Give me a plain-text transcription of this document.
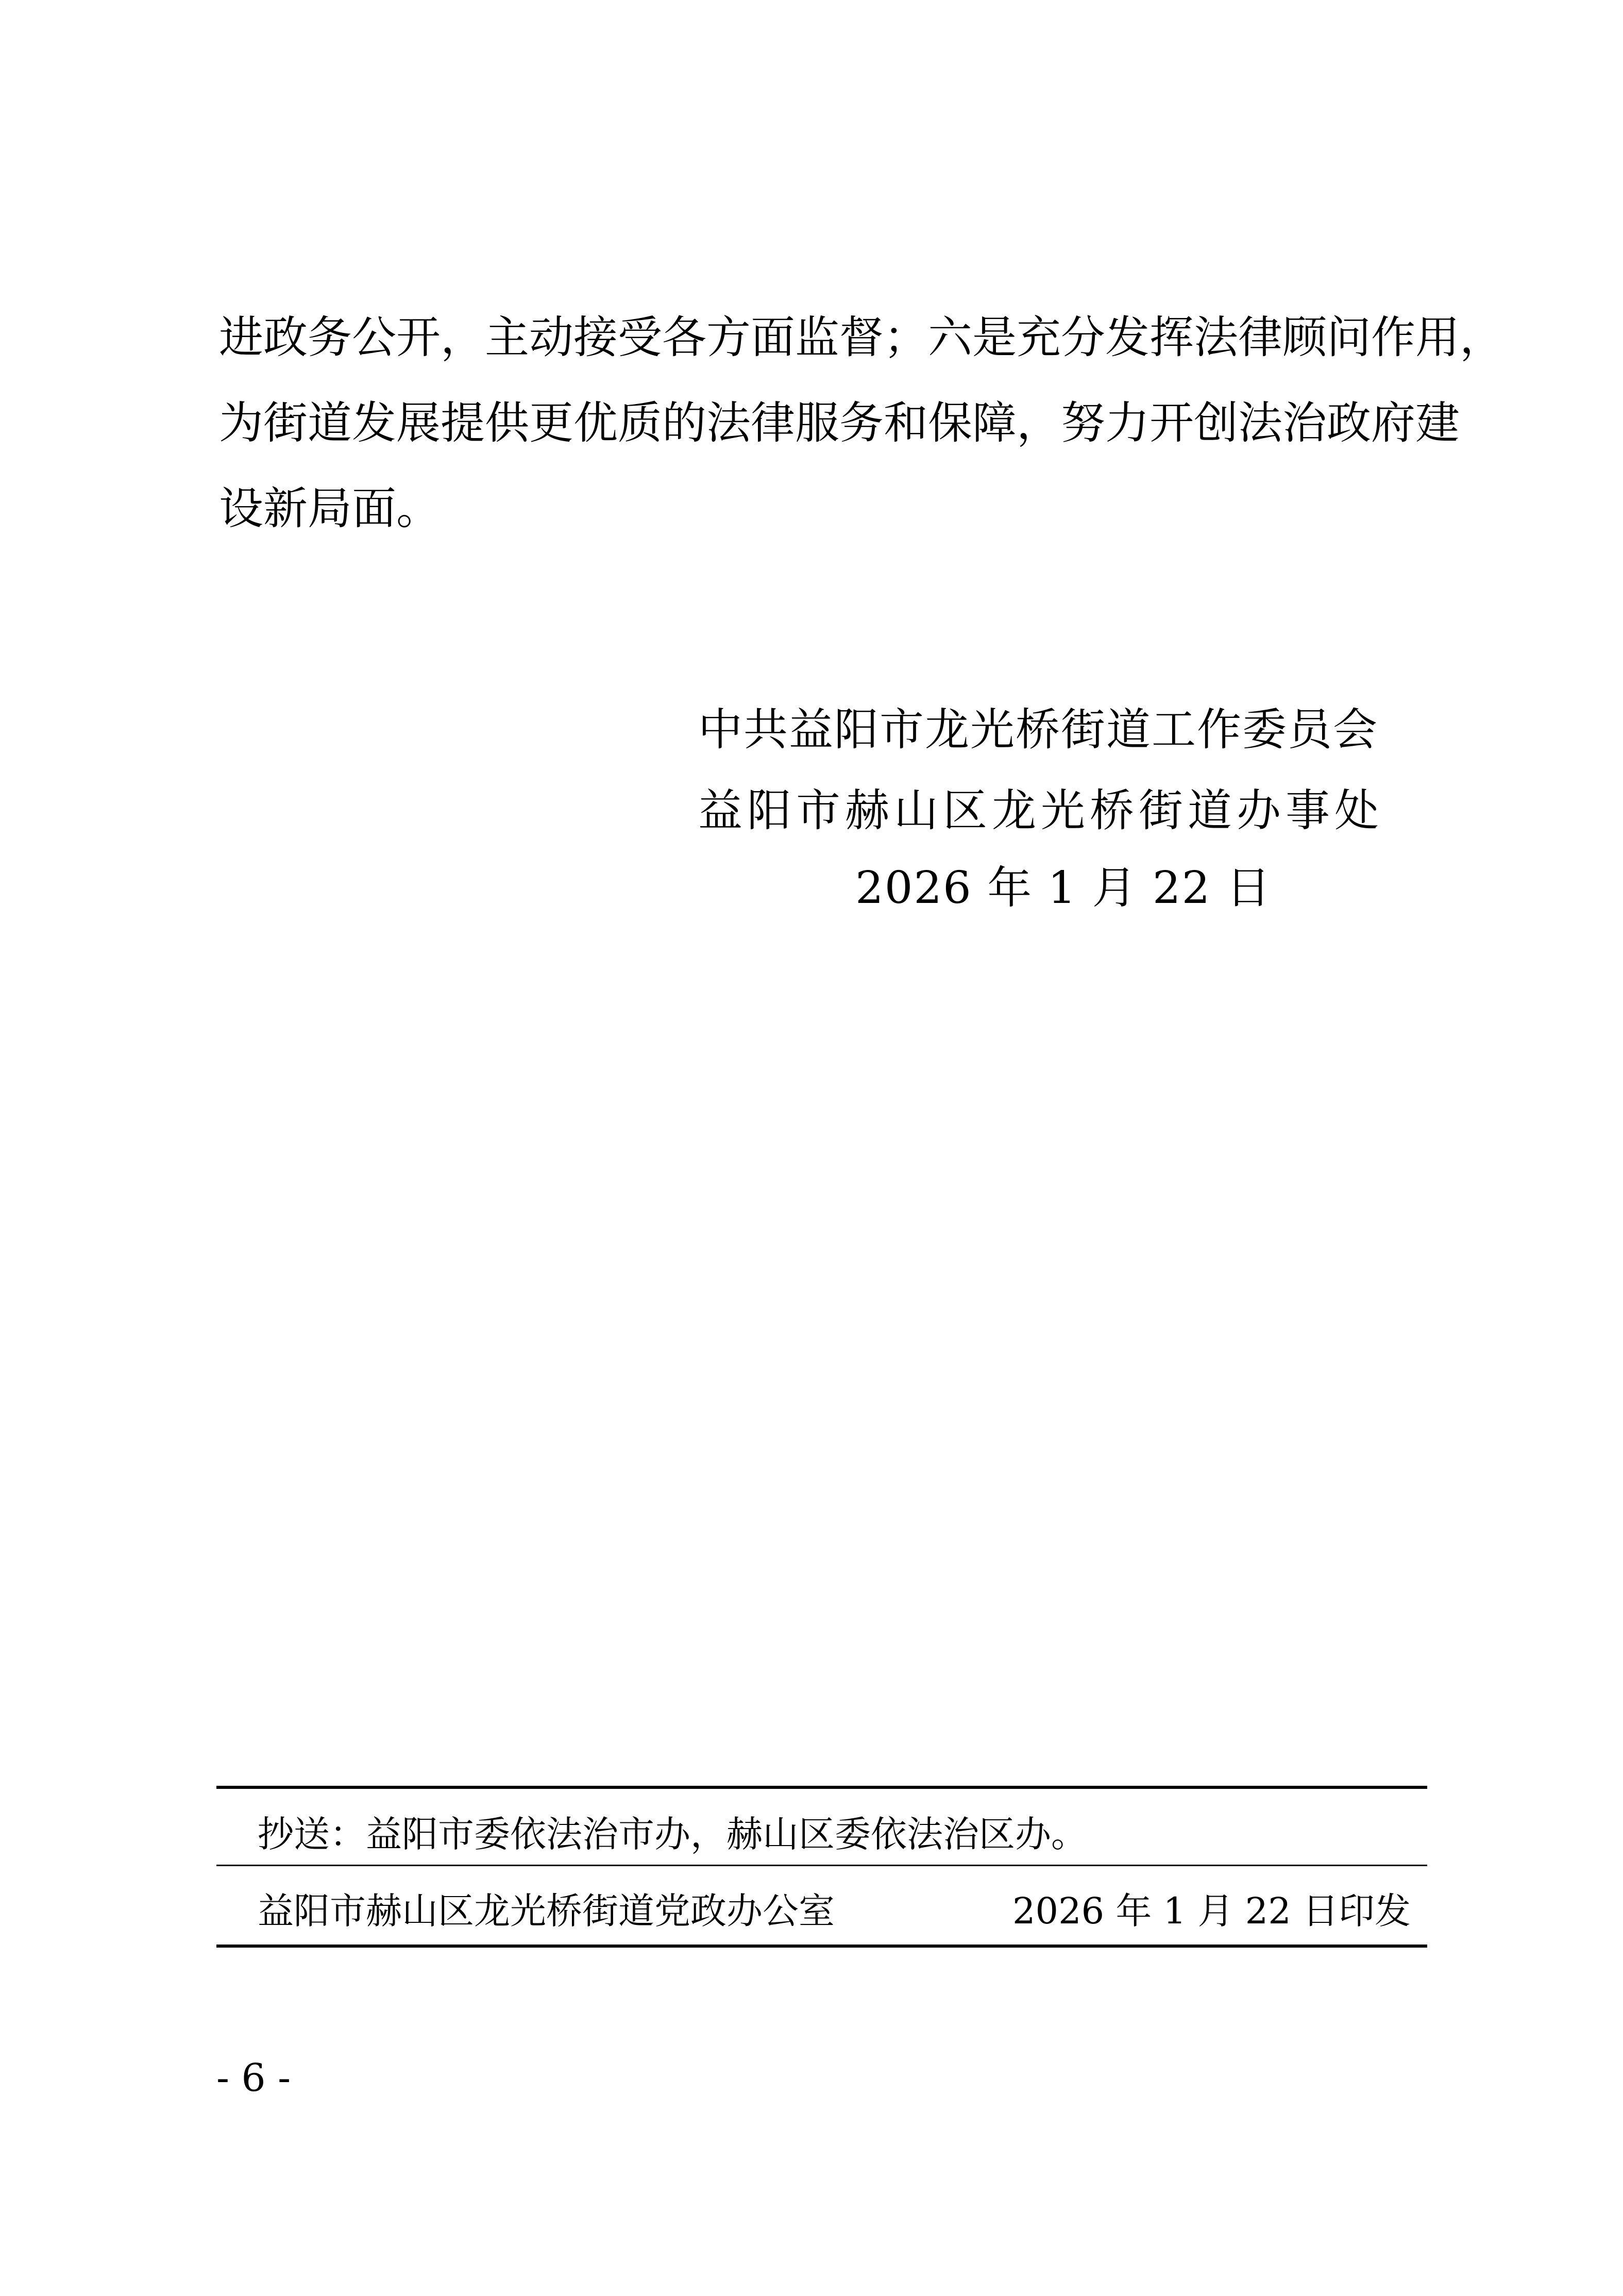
进政务公开，主动接受各方面监督；六是充分发挥法律顾问作用，
为街道发展提供更优质的法律服务和保障，努力开创法治政府建
设新局面。
中共益阳市龙光桥街道工作委员会
益阳市赫山区龙光桥街道办事处
2026 年 1 月 22 日
抄送：益阳市委依法治市办，赫山区委依法治区办。
益阳市赫山区龙光桥街道党政办公室	2026 年 1 月 22 日印发
- 6 -
